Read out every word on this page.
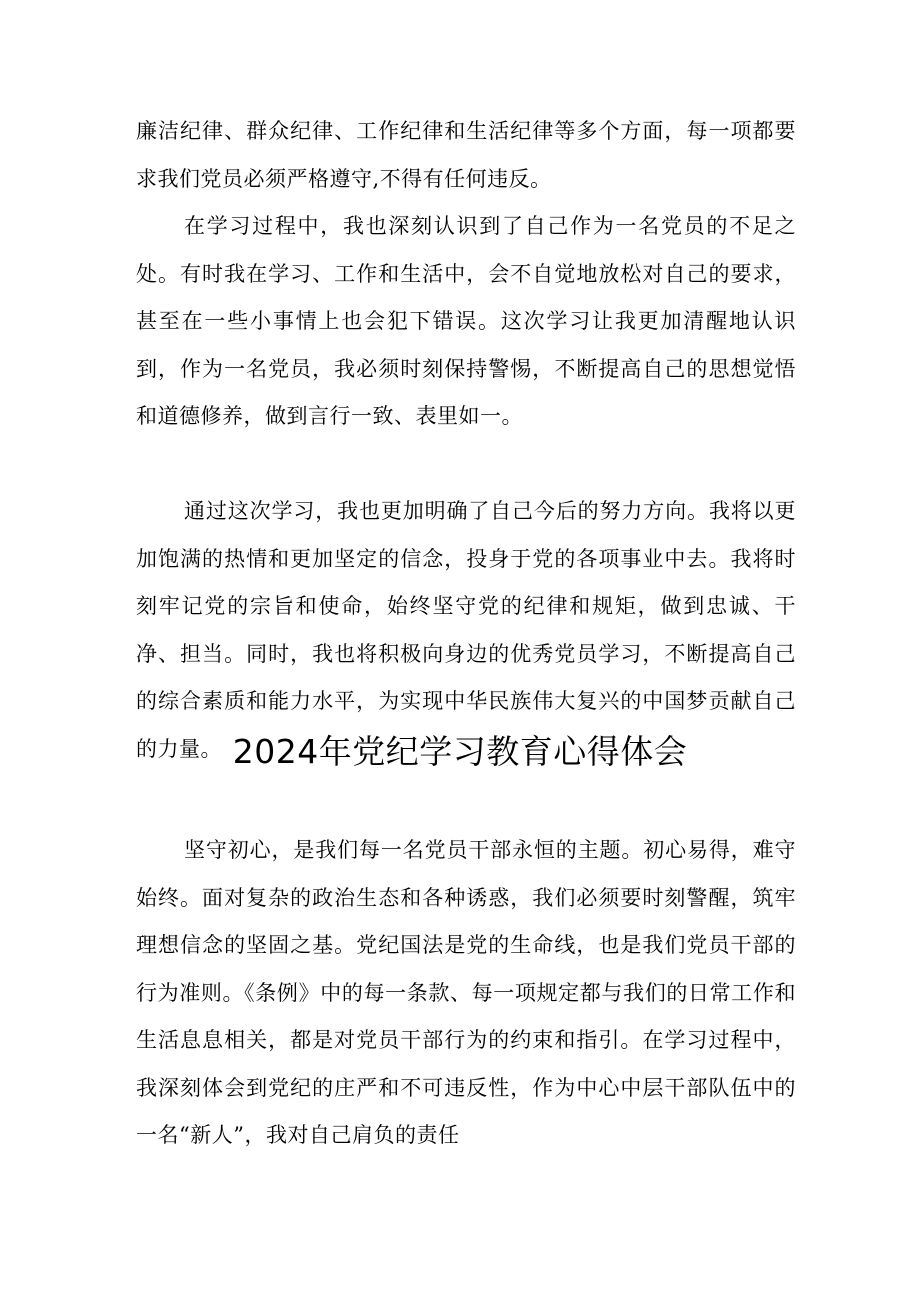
廉洁纪律、群众纪律、工作纪律和生活纪律等多个方面，每一项都要求我们党员必须严格遵守,不得有任何违反。

在学习过程中，我也深刻认识到了自己作为一名党员的不足之处。有时我在学习、工作和生活中，会不自觉地放松对自己的要求，甚至在一些小事情上也会犯下错误。这次学习让我更加清醒地认识到，作为一名党员，我必须时刻保持警惕，不断提高自己的思想觉悟和道德修养，做到言行一致、表里如一。

通过这次学习，我也更加明确了自己今后的努力方向。我将以更加饱满的热情和更加坚定的信念，投身于党的各项事业中去。我将时刻牢记党的宗旨和使命，始终坚守党的纪律和规矩，做到忠诚、干净、担当。同时，我也将积极向身边的优秀党员学习，不断提高自己的综合素质和能力水平，为实现中华民族伟大复兴的中国梦贡献自己的力量。 2024年党纪学习教育心得体会

坚守初心，是我们每一名党员干部永恒的主题。初心易得，难守始终。面对复杂的政治生态和各种诱惑，我们必须要时刻警醒，筑牢理想信念的坚固之基。党纪国法是党的生命线，也是我们党员干部的行为准则。《条例》中的每一条款、每一项规定都与我们的日常工作和生活息息相关，都是对党员干部行为的约束和指引。在学习过程中，我深刻体会到党纪的庄严和不可违反性，作为中心中层干部队伍中的一名“新人”，我对自己肩负的责任
